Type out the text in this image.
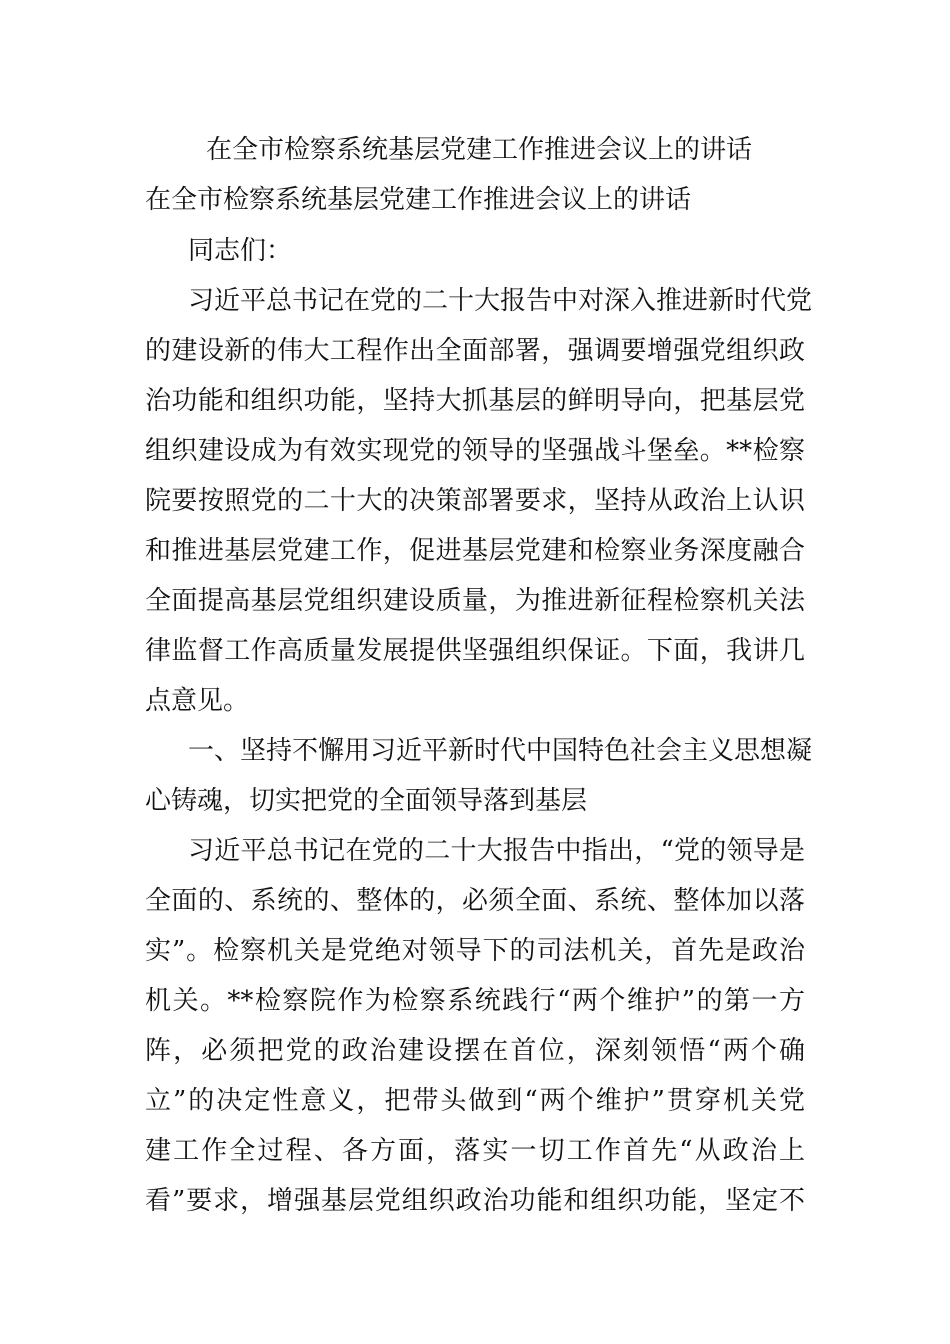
在全市检察系统基层党建工作推进会议上的讲话
在全市检察系统基层党建工作推进会议上的讲话
同志们：
习近平总书记在党的二十大报告中对深入推进新时代党
的建设新的伟大工程作出全面部署，强调要增强党组织政
治功能和组织功能，坚持大抓基层的鲜明导向，把基层党
组织建设成为有效实现党的领导的坚强战斗堡垒。**检察
院要按照党的二十大的决策部署要求，坚持从政治上认识
和推进基层党建工作，促进基层党建和检察业务深度融合
全面提高基层党组织建设质量，为推进新征程检察机关法
律监督工作高质量发展提供坚强组织保证。下面，我讲几
点意见。
一、坚持不懈用习近平新时代中国特色社会主义思想凝
心铸魂，切实把党的全面领导落到基层
习近平总书记在党的二十大报告中指出，“党的领导是
全面的、系统的、整体的，必须全面、系统、整体加以落
实”。检察机关是党绝对领导下的司法机关，首先是政治
机关。**检察院作为检察系统践行“两个维护”的第一方
阵，必须把党的政治建设摆在首位，深刻领悟“两个确
立”的决定性意义，把带头做到“两个维护”贯穿机关党
建工作全过程、各方面，落实一切工作首先“从政治上
看”要求，增强基层党组织政治功能和组织功能，坚定不
